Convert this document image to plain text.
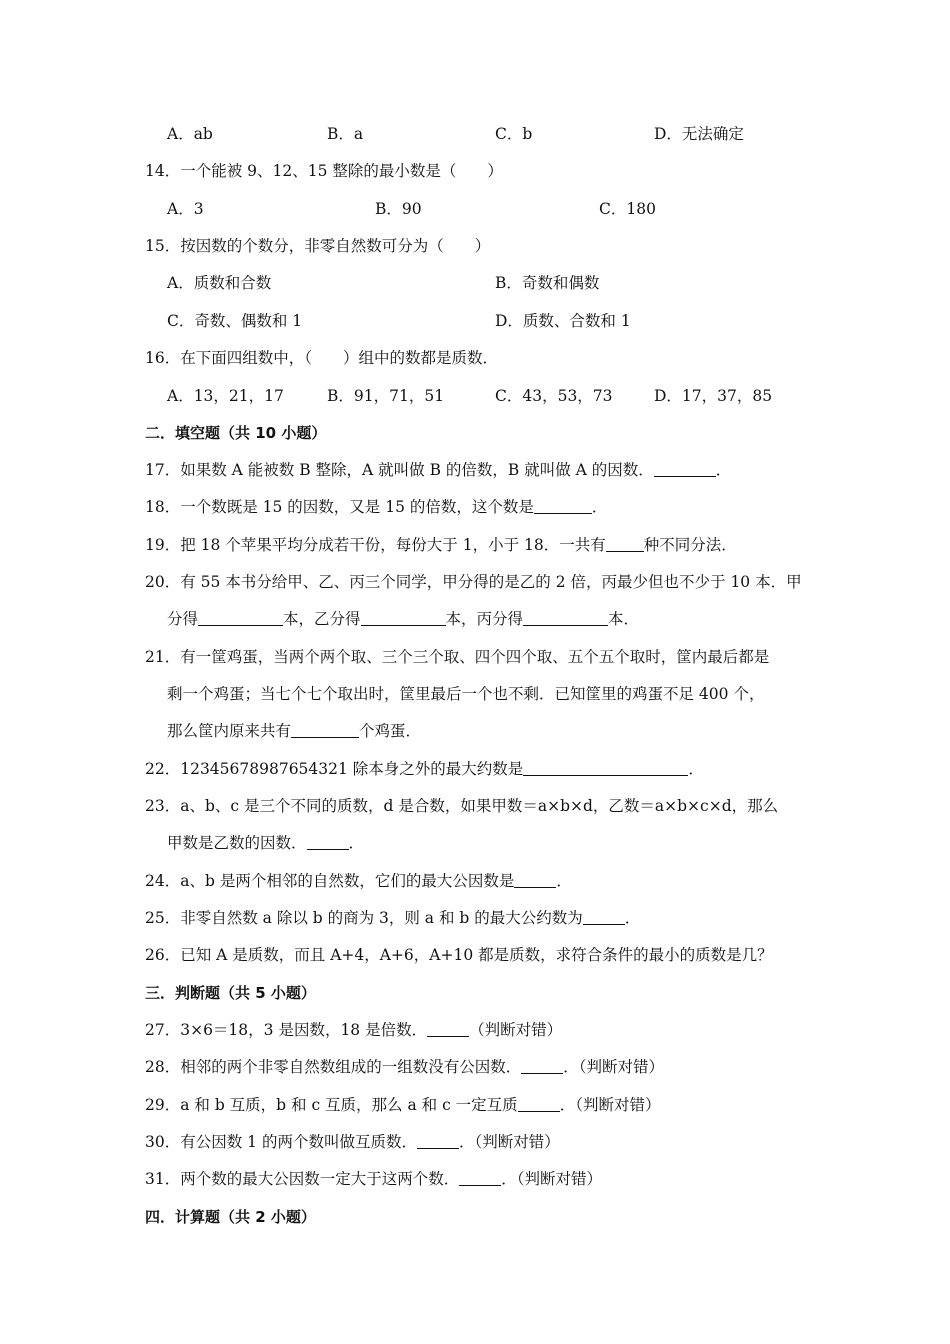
A．ab	B．a	C．b	D．无法确定
14．一个能被 9、12、15 整除的最小数是（　　）
A．3	B．90	C．180
15．按因数的个数分，非零自然数可分为（　　）
A．质数和合数	B．奇数和偶数
C．奇数、偶数和 1	D．质数、合数和 1
16．在下面四组数中，（　　）组中的数都是质数．
A．13，21，17	B．91，71，51	C．43，53，73	D．17，37，85
二．填空题（共 10 小题）
17．如果数 A 能被数 B 整除，A 就叫做 B 的倍数，B 就叫做 A 的因数．	．
18．一个数既是 15 的因数，又是 15 的倍数，这个数是	．
19．把 18 个苹果平均分成若干份，每份大于 1，小于 18．一共有 种不同分法．
20．有 55 本书分给甲、乙、丙三个同学，甲分得的是乙的 2 倍，丙最少但也不少于 10 本．甲
分得	本，乙分得	本，丙分得	本．
21．有一筐鸡蛋，当两个两个取、三个三个取、四个四个取、五个五个取时，筐内最后都是
剩一个鸡蛋；当七个七个取出时，筐里最后一个也不剩．已知筐里的鸡蛋不足 400 个，
那么筐内原来共有	个鸡蛋．
22．12345678987654321 除本身之外的最大约数是	．
23．a、b、c 是三个不同的质数，d 是合数，如果甲数＝a×b×d，乙数＝a×b×c×d，那么
甲数是乙数的因数．	．
24．a、b 是两个相邻的自然数，它们的最大公因数是	．
25．非零自然数 a 除以 b 的商为 3，则 a 和 b 的最大公约数为	．
26．已知 A 是质数，而且 A+4，A+6，A+10 都是质数，求符合条件的最小的质数是几？
三．判断题（共 5 小题）
27．3×6＝18，3 是因数，18 是倍数．	（判断对错）
28．相邻的两个非零自然数组成的一组数没有公因数．	．（判断对错）
29．a 和 b 互质，b 和 c 互质，那么 a 和 c 一定互质	．（判断对错）
30．有公因数 1 的两个数叫做互质数．	．（判断对错）
31．两个数的最大公因数一定大于这两个数．	．（判断对错）
四．计算题（共 2 小题）
